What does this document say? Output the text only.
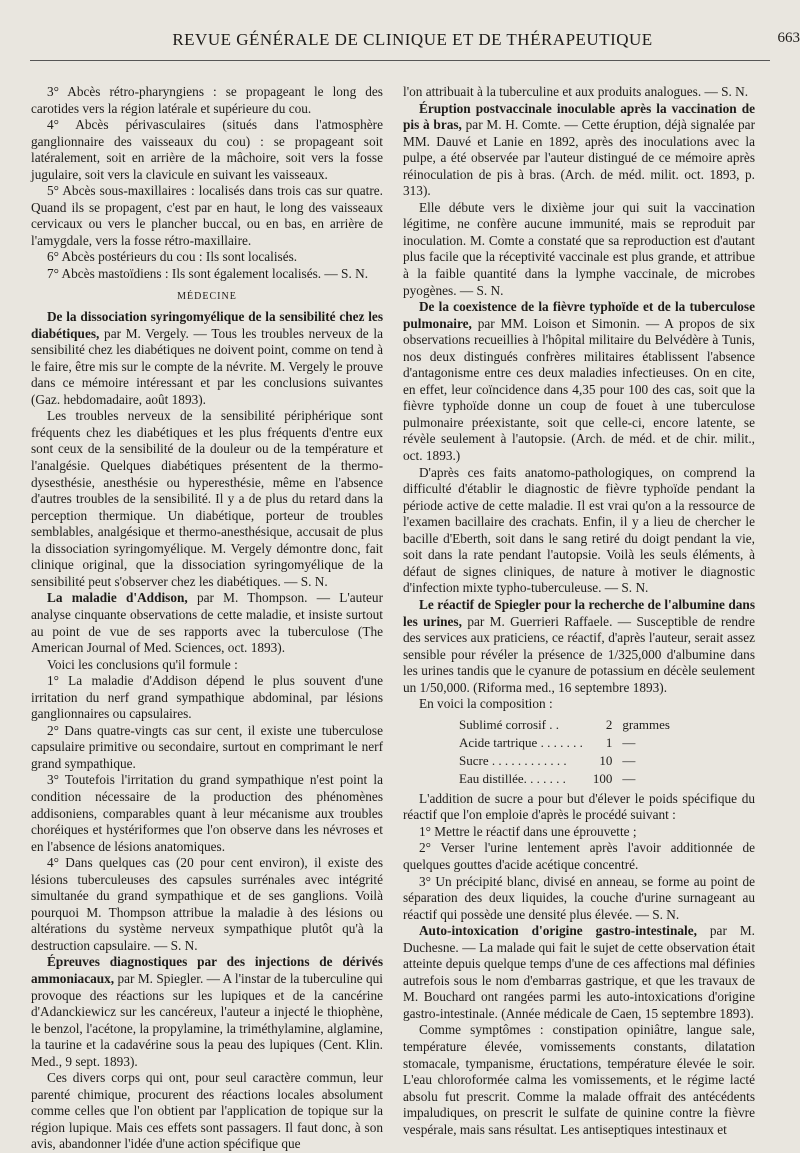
REVUE GÉNÉRALE DE CLINIQUE ET DE THÉRAPEUTIQUE	663

3° Abcès rétro-pharyngiens : se propageant le long des carotides vers la région latérale et supérieure du cou.

4° Abcès périvasculaires (situés dans l'atmosphère ganglionnaire des vaisseaux du cou) : se propageant soit latéralement, soit en arrière de la mâchoire, soit vers la fosse jugulaire, soit vers la clavicule en suivant les vaisseaux.

5° Abcès sous-maxillaires : localisés dans trois cas sur quatre. Quand ils se propagent, c'est par en haut, le long des vaisseaux cervicaux ou vers le plancher buccal, ou en bas, en arrière de l'amygdale, vers la fosse rétro-maxillaire.

6° Abcès postérieurs du cou : Ils sont localisés.

7° Abcès mastoïdiens : Ils sont également localisés. — S. N.

MÉDECINE

De la dissociation syringomyélique de la sensibilité chez les diabétiques, par M. Vergely. — Tous les troubles nerveux de la sensibilité chez les diabétiques ne doivent point, comme on tend à le faire, être mis sur le compte de la névrite. M. Vergely le prouve dans ce mémoire intéressant et par les conclusions suivantes (Gaz. hebdomadaire, août 1893).

Les troubles nerveux de la sensibilité périphérique sont fréquents chez les diabétiques et les plus fréquents d'entre eux sont ceux de la sensibilité de la douleur ou de la température et l'analgésie. Quelques diabétiques présentent de la thermo-dysesthésie, anesthésie ou hyperesthésie, même en l'absence d'autres troubles de la sensibilité. Il y a de plus du retard dans la perception thermique. Un diabétique, porteur de troubles semblables, analgésique et thermo-anesthésique, accusait de plus la dissociation syringomyélique. M. Vergely démontre donc, fait clinique original, que la dissociation syringomyélique de la sensibilité peut s'observer chez les diabétiques. — S. N.

La maladie d'Addison, par M. Thompson. — L'auteur analyse cinquante observations de cette maladie, et insiste surtout au point de vue de ses rapports avec la tuberculose (The American Journal of Med. Sciences, oct. 1893).

Voici les conclusions qu'il formule :

1° La maladie d'Addison dépend le plus souvent d'une irritation du nerf grand sympathique abdominal, par lésions ganglionnaires ou capsulaires.

2° Dans quatre-vingts cas sur cent, il existe une tuberculose capsulaire primitive ou secondaire, surtout en comprimant le nerf grand sympathique.

3° Toutefois l'irritation du grand sympathique n'est point la condition nécessaire de la production des phénomènes addisoniens, comparables quant à leur mécanisme aux troubles choréiques et hystériformes que l'on observe dans les névroses et en l'absence de lésions anatomiques.

4° Dans quelques cas (20 pour cent environ), il existe des lésions tuberculeuses des capsules surrénales avec intégrité simultanée du grand sympathique et de ses ganglions. Voilà pourquoi M. Thompson attribue la maladie à des lésions ou altérations du système nerveux sympathique plutôt qu'à la destruction capsulaire. — S. N.

Épreuves diagnostiques par des injections de dérivés ammoniacaux, par M. Spiegler. — A l'instar de la tuberculine qui provoque des réactions sur les lupiques et de la cancérine d'Adanckiewicz sur les cancéreux, l'auteur a injecté le thiophène, le benzol, l'acétone, la propylamine, la triméthylamine, alglamine, la taurine et la cadavérine sous la peau des lupiques (Cent. Klin. Med., 9 sept. 1893).

Ces divers corps qui ont, pour seul caractère commun, leur parenté chimique, procurent des réactions locales absolument comme celles que l'on obtient par l'application de topique sur la région lupique. Mais ces effets sont passagers. Il faut donc, à son avis, abandonner l'idée d'une action spécifique que

l'on attribuait à la tuberculine et aux produits analogues. — S. N.

Éruption postvaccinale inoculable après la vaccination de pis à bras, par M. H. Comte. — Cette éruption, déjà signalée par MM. Dauvé et Lanie en 1892, après des inoculations avec la pulpe, a été observée par l'auteur distingué de ce mémoire après réinoculation de pis à bras. (Arch. de méd. milit. oct. 1893, p. 313).

Elle débute vers le dixième jour qui suit la vaccination légitime, ne confère aucune immunité, mais se reproduit par inoculation. M. Comte a constaté que sa reproduction est d'autant plus facile que la réceptivité vaccinale est plus grande, et attribue à la faible quantité dans la lymphe vaccinale, de microbes pyogènes. — S. N.

De la coexistence de la fièvre typhoïde et de la tuberculose pulmonaire, par MM. Loison et Simonin. — A propos de six observations recueillies à l'hôpital militaire du Belvédère à Tunis, nos deux distingués confrères militaires établissent l'absence d'antagonisme entre ces deux maladies infectieuses. On en cite, en effet, leur coïncidence dans 4,35 pour 100 des cas, soit que la fièvre typhoïde donne un coup de fouet à une tuberculose pulmonaire préexistante, soit que celle-ci, encore latente, se révèle seulement à l'autopsie. (Arch. de méd. et de chir. milit., oct. 1893.)

D'après ces faits anatomo-pathologiques, on comprend la difficulté d'établir le diagnostic de fièvre typhoïde pendant la période active de cette maladie. Il est vrai qu'on a la ressource de l'examen bacillaire des crachats. Enfin, il y a lieu de chercher le bacille d'Eberth, soit dans le sang retiré du doigt pendant la vie, soit dans la rate pendant l'autopsie. Voilà les seuls éléments, à défaut de signes cliniques, de nature à motiver le diagnostic d'infection mixte typho-tuberculeuse. — S. N.

Le réactif de Spiegler pour la recherche de l'albumine dans les urines, par M. Guerrieri Raffaele. — Susceptible de rendre des services aux praticiens, ce réactif, d'après l'auteur, serait assez sensible pour révéler la présence de 1/325,000 d'albumine dans les urines tandis que le cyanure de potassium en décèle seulement un 1/50,000. (Riforma med., 16 septembre 1893).

En voici la composition :

Sublimé corrosif . .	2	grammes
Acide tartrique . . . . . . .	1	—
Sucre . . . . . . . . . . . .	10	—
Eau distillée. . . . . . .	100	—

L'addition de sucre a pour but d'élever le poids spécifique du réactif que l'on emploie d'après le procédé suivant :

1° Mettre le réactif dans une éprouvette ;

2° Verser l'urine lentement après l'avoir additionnée de quelques gouttes d'acide acétique concentré.

3° Un précipité blanc, divisé en anneau, se forme au point de séparation des deux liquides, la couche d'urine surnageant au réactif qui possède une densité plus élevée. — S. N.

Auto-intoxication d'origine gastro-intestinale, par M. Duchesne. — La malade qui fait le sujet de cette observation était atteinte depuis quelque temps d'une de ces affections mal définies autrefois sous le nom d'embarras gastrique, et que les travaux de M. Bouchard ont rangées parmi les auto-intoxications d'origine gastro-intestinale. (Année médicale de Caen, 15 septembre 1893).

Comme symptômes : constipation opiniâtre, langue sale, température élevée, vomissements constants, dilatation stomacale, tympanisme, éructations, température élevée le soir. L'eau chloroformée calma les vomissements, et le régime lacté absolu fut prescrit. Comme la malade offrait des antécédents impaludiques, on prescrit le sulfate de quinine contre la fièvre vespérale, mais sans résultat. Les antiseptiques intestinaux et
